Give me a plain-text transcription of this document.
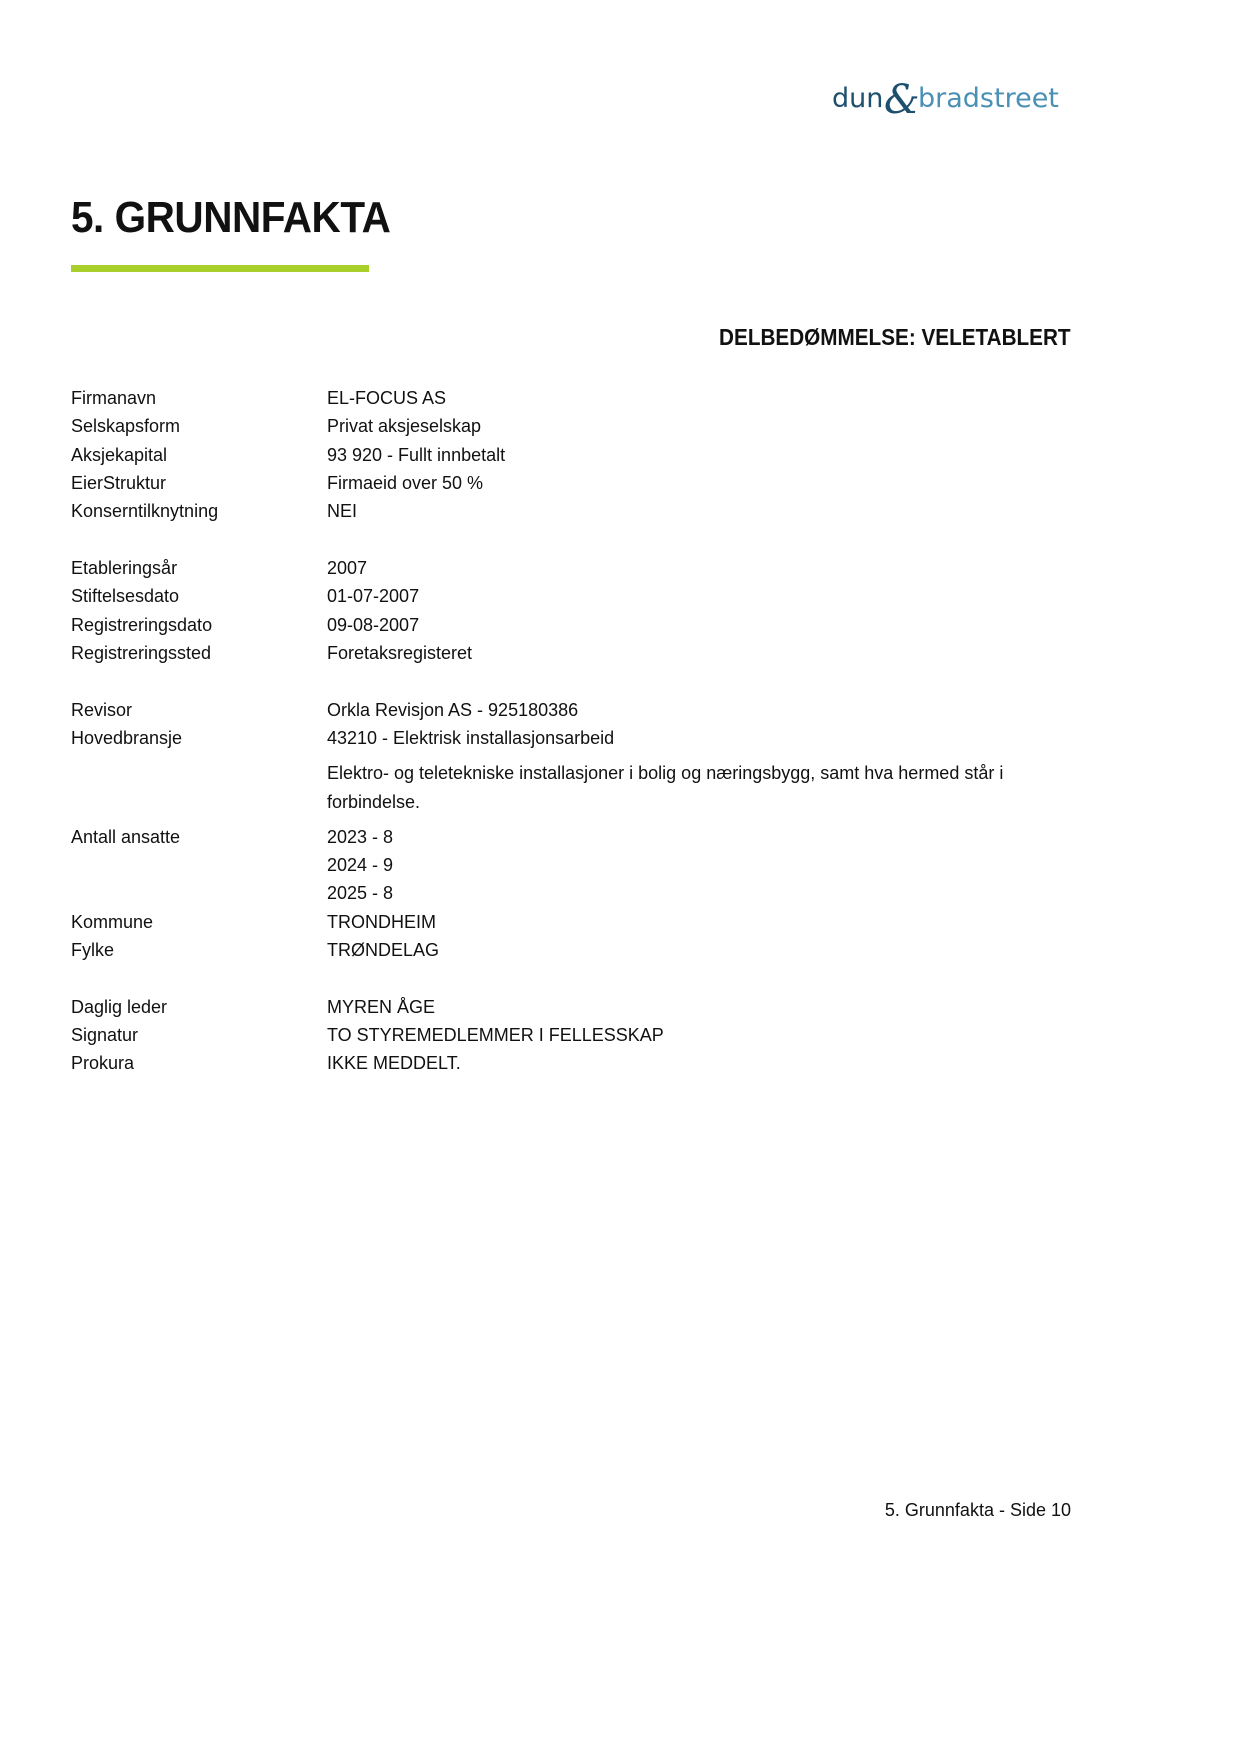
dun &
bradstreet
5. GRUNNFAKTA
DELBEDØMMELSE: VELETABLERT
Firmanavn	EL-FOCUS AS
Selskapsform	Privat aksjeselskap
Aksjekapital	93 920 - Fullt innbetalt
EierStruktur	Firmaeid over 50 %
Konserntilknytning	NEI
Etableringsår	2007
Stiftelsesdato	01-07-2007
Registreringsdato	09-08-2007
Registreringssted	Foretaksregisteret
Revisor	Orkla Revisjon AS - 925180386
Hovedbransje	43210 - Elektrisk installasjonsarbeid
Elektro- og teletekniske installasjoner i bolig og næringsbygg, samt hva hermed står i forbindelse.
Antall ansatte	2023 - 8
2024 - 9
2025 - 8
Kommune	TRONDHEIM
Fylke	TRØNDELAG
Daglig leder	MYREN ÅGE
Signatur	TO STYREMEDLEMMER I FELLESSKAP
Prokura	IKKE MEDDELT.
5. Grunnfakta - Side 10
